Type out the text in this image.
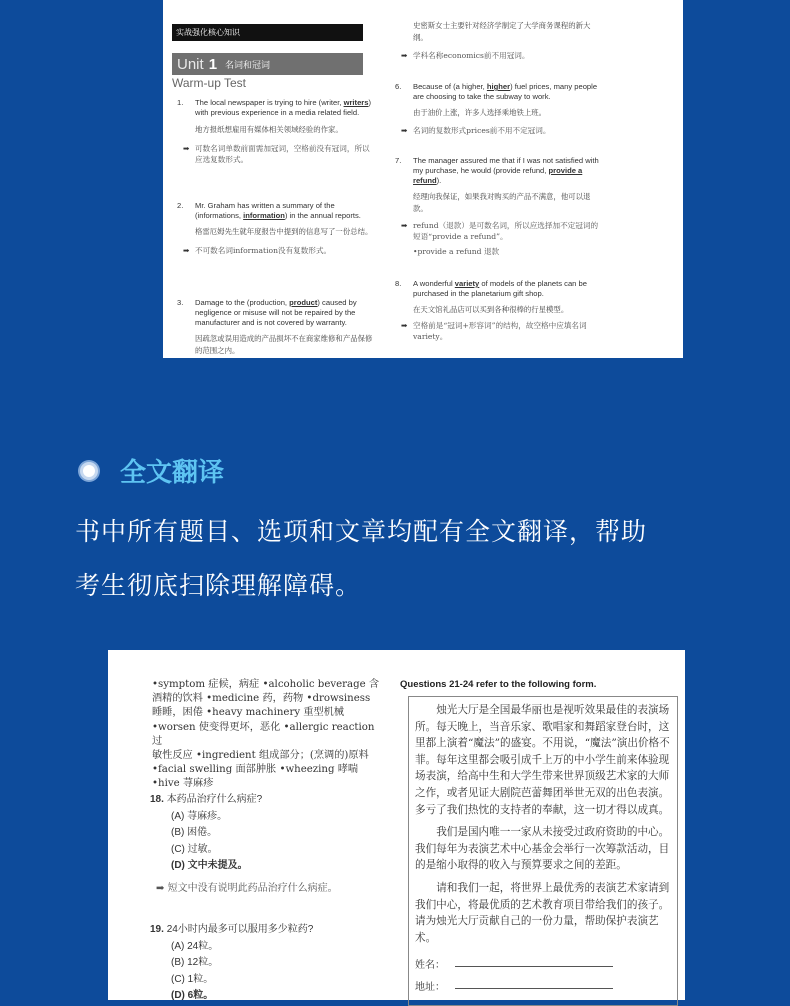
实战强化核心知识
Unit 1 名词和冠词
Warm-up Test
1. The local newspaper is trying to hire (writer, writers) with previous experience in a media related field.
地方报纸想雇用有媒体相关领域经验的作家。
➡ 可数名词单数前面需加冠词，空格前没有冠词，所以应选复数形式。
2. Mr. Graham has written a summary of the (informations, information) in the annual reports.
格雷厄姆先生就年度报告中提到的信息写了一份总结。
➡ 不可数名词information没有复数形式。
3. Damage to the (production, product) caused by negligence or misuse will not be repaired by the manufacturer and is not covered by warranty.
因疏忽或误用造成的产品损坏不在商家维修和产品保修的范围之内。
史密斯女士主要针对经济学制定了大学商务课程的新大纲。
➡ 学科名称economics前不用冠词。
6. Because of (a higher, higher) fuel prices, many people are choosing to take the subway to work.
由于油价上涨，许多人选择乘地铁上班。
➡ 名词的复数形式prices前不用不定冠词。
7. The manager assured me that if I was not satisfied with my purchase, he would (provide refund, provide a refund).
经理向我保证，如果我对购买的产品不满意，他可以退款。
➡ refund（退款）是可数名词，所以应选择加不定冠词的短语“provide a refund”。
•provide a refund 退款
8. A wonderful variety of models of the planets can be purchased in the planetarium gift shop.
在天文馆礼品店可以买到各种很棒的行星模型。
➡ 空格前是“冠词+形容词”的结构，故空格中应填名词variety。
全文翻译
书中所有题目、选项和文章均配有全文翻译，帮助
考生彻底扫除理解障碍。
•symptom 症候，病症 •alcoholic beverage 含
酒精的饮料 •medicine 药，药物 •drowsiness
睡睡，困倦 •heavy machinery 重型机械
•worsen 使变得更坏，恶化 •allergic reaction 过
敏性反应 •ingredient 组成部分；(烹调的)原料
•facial swelling 面部肿胀 •wheezing 哮喘
•hive 荨麻疹
18. 本药品治疗什么病症?
(A) 荨麻疹。
(B) 困倦。
(C) 过敏。
(D) 文中未提及。
➡ 短文中没有说明此药品治疗什么病症。
19. 24小时内最多可以服用多少粒药?
(A) 24粒。
(B) 12粒。
(C) 1粒。
(D) 6粒。
Questions 21-24 refer to the following form.

烛光大厅是全国最华丽也是视听效果最佳的表演场所。每天晚上，当音乐家、歌唱家和舞蹈家登台时，这里都上演着“魔法”的盛宴。不用说，“魔法”演出价格不菲。每年这里都会吸引成千上万的中小学生前来体验现场表演，给高中生和大学生带来世界顶级艺术家的大师之作，或者见证大剧院芭蕾舞团举世无双的出色表演。多亏了我们热忱的支持者的奉献，这一切才得以成真。

我们是国内唯一一家从未接受过政府资助的中心。我们每年为表演艺术中心基金会举行一次筹款活动，目的是缩小取得的收入与预算要求之间的差距。

请和我们一起，将世界上最优秀的表演艺术家请到我们中心，将最优质的艺术教育项目带给我们的孩子。请为烛光大厅贡献自己的一份力量，帮助保护表演艺术。

姓名：
地址：
